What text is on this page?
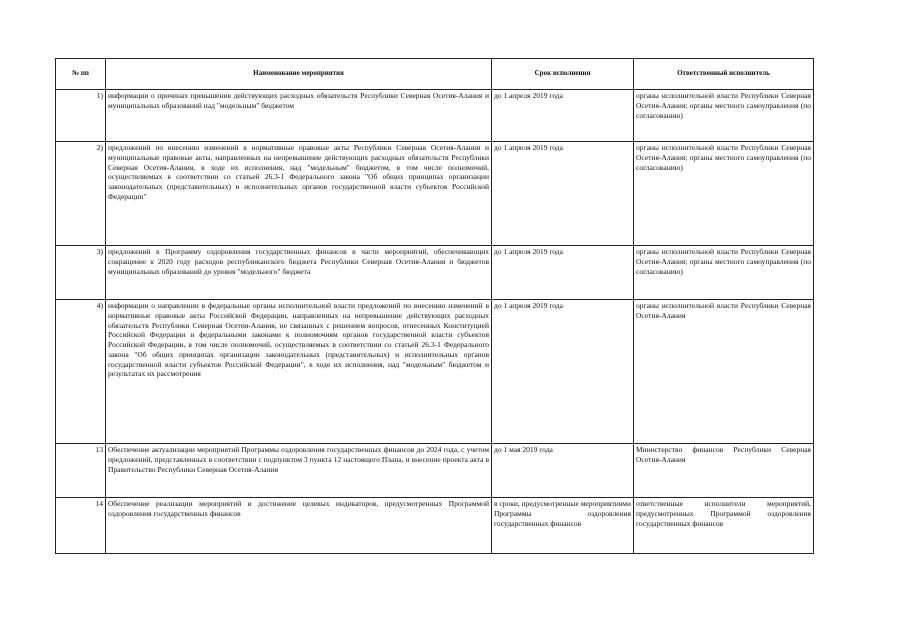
№ пп	Наименование мероприятия	Срок исполнения	Ответственный исполнитель
1)	информации о причинах превышения действующих расходных обязательств Республики Северная Осетия-Алания и муниципальных образований над "модельным" бюджетом	до 1 апреля 2019 года	органы исполнительной власти Республики Северная Осетия-Алания; органы местного самоуправления (по согласованию)
2)	предложений по внесению изменений в нормативные правовые акты Республики Северная Осетия-Алания и муниципальные правовые акты, направленных на непревышение действующих расходных обязательств Республики Северная Осетия-Алания, в ходе их исполнения, над "модельным" бюджетом, в том числе полномочий, осуществляемых в соответствии со статьей 26.3-1 Федерального закона "Об общих принципах организации законодательных (представительных) и исполнительных органов государственной власти субъектов Российской Федерации"	до 1 апреля 2019 года	органы исполнительной власти Республики Северная Осетия-Алания; органы местного самоуправления (по согласованию)
3)	предложений в Программу оздоровления государственных финансов в части мероприятий, обеспечивающих сокращение к 2020 году расходов республиканского бюджета Республики Северная Осетия-Алания и бюджетов муниципальных образований до уровня "модельного" бюджета	до 1 апреля 2019 года	органы исполнительной власти Республики Северная Осетия-Алания; органы местного самоуправления (по согласованию)
4)	информации о направлении в федеральные органы исполнительной власти предложений по внесению изменений в нормативные правовые акты Российской Федерации, направленных на непревышение действующих расходных обязательств Республики Северная Осетия-Алания, не связанных с решением вопросов, отнесенных Конституцией Российской Федерации и федеральными законами к полномочиям органов государственной власти субъектов Российской Федерации, в том числе полномочий, осуществляемых в соответствии со статьей 26.3-1 Федерального закона "Об общих принципах организации законодательных (представительных) и исполнительных органов государственной власти субъектов Российской Федерации", в ходе их исполнения, над "модельным" бюджетом и результатах их рассмотрения	до 1 апреля 2019 года	органы исполнительной власти Республики Северная Осетия-Алания
13	Обеспечение актуализации мероприятий Программы оздоровления государственных финансов до 2024 года, с учетом предложений, представленных в соответствии с подпунктом 3 пункта 12 настоящего Плана, и внесение проекта акта в Правительство Республики Северная Осетия-Алания	до 1 мая 2019 года	Министерство финансов Республики Северная Осетия-Алания
14	Обеспечение реализации мероприятий и достижение целевых индикаторов, предусмотренных Программой оздоровления государственных финансов	в сроки, предусмотренные мероприятиями Программы оздоровления государственных финансов	ответственные исполнители мероприятий, предусмотренных Программой оздоровления государственных финансов
